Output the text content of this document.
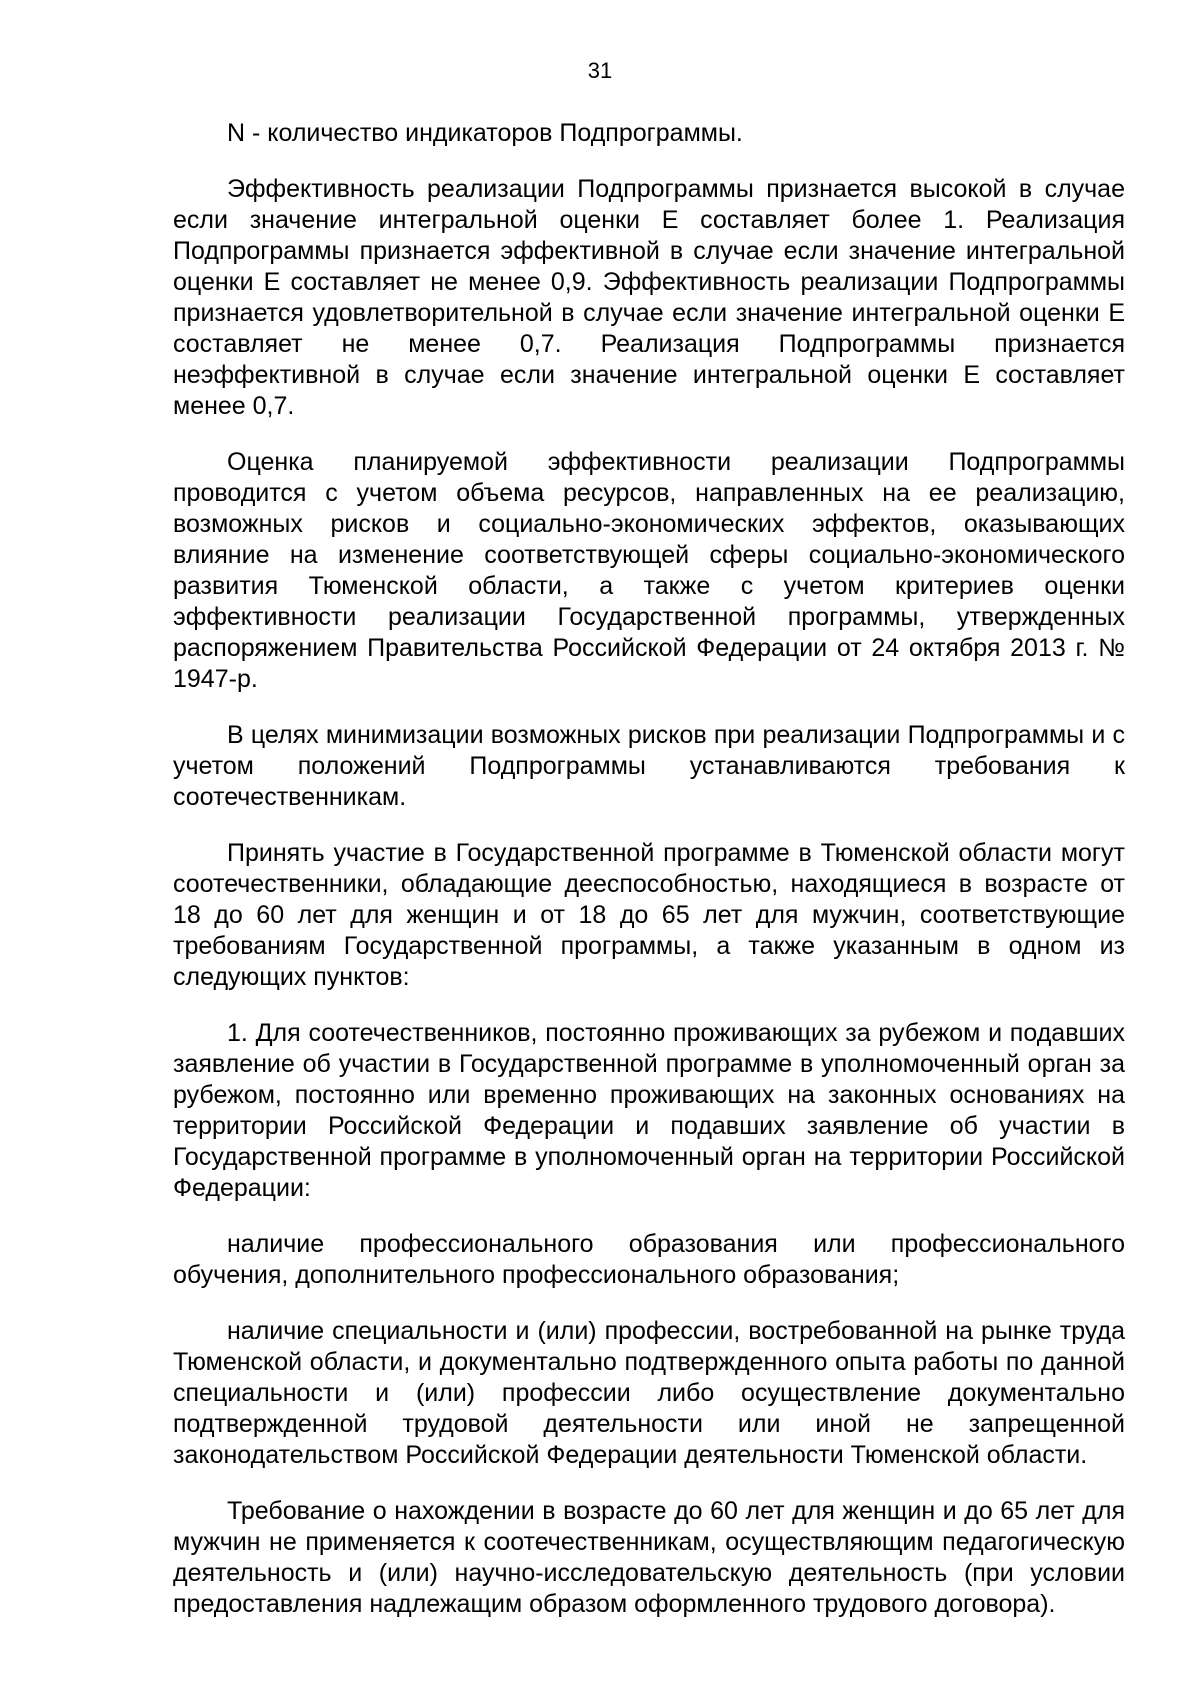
31

N - количество индикаторов Подпрограммы.

Эффективность реализации Подпрограммы признается высокой в случае если значение интегральной оценки Е составляет более 1. Реализация Подпрограммы признается эффективной в случае если значение интегральной оценки Е составляет не менее 0,9. Эффективность реализации Подпрограммы признается удовлетворительной в случае если значение интегральной оценки Е составляет не менее 0,7. Реализация Подпрограммы признается неэффективной в случае если значение интегральной оценки Е составляет менее 0,7.

Оценка планируемой эффективности реализации Подпрограммы проводится с учетом объема ресурсов, направленных на ее реализацию, возможных рисков и социально-экономических эффектов, оказывающих влияние на изменение соответствующей сферы социально-экономического развития Тюменской области, а также с учетом критериев оценки эффективности реализации Государственной программы, утвержденных распоряжением Правительства Российской Федерации от 24 октября 2013 г. № 1947-р.

В целях минимизации возможных рисков при реализации Подпрограммы и с учетом положений Подпрограммы устанавливаются требования к соотечественникам.

Принять участие в Государственной программе в Тюменской области могут соотечественники, обладающие дееспособностью, находящиеся в возрасте от 18 до 60 лет для женщин и от 18 до 65 лет для мужчин, соответствующие требованиям Государственной программы, а также указанным в одном из следующих пунктов:

1. Для соотечественников, постоянно проживающих за рубежом и подавших заявление об участии в Государственной программе в уполномоченный орган за рубежом, постоянно или временно проживающих на законных основаниях на территории Российской Федерации и подавших заявление об участии в Государственной программе в уполномоченный орган на территории Российской Федерации:

наличие профессионального образования или профессионального обучения, дополнительного профессионального образования;

наличие специальности и (или) профессии, востребованной на рынке труда Тюменской области, и документально подтвержденного опыта работы по данной специальности и (или) профессии либо осуществление документально подтвержденной трудовой деятельности или иной не запрещенной законодательством Российской Федерации деятельности Тюменской области.

Требование о нахождении в возрасте до 60 лет для женщин и до 65 лет для мужчин не применяется к соотечественникам, осуществляющим педагогическую деятельность и (или) научно-исследовательскую деятельность (при условии предоставления надлежащим образом оформленного трудового договора).
